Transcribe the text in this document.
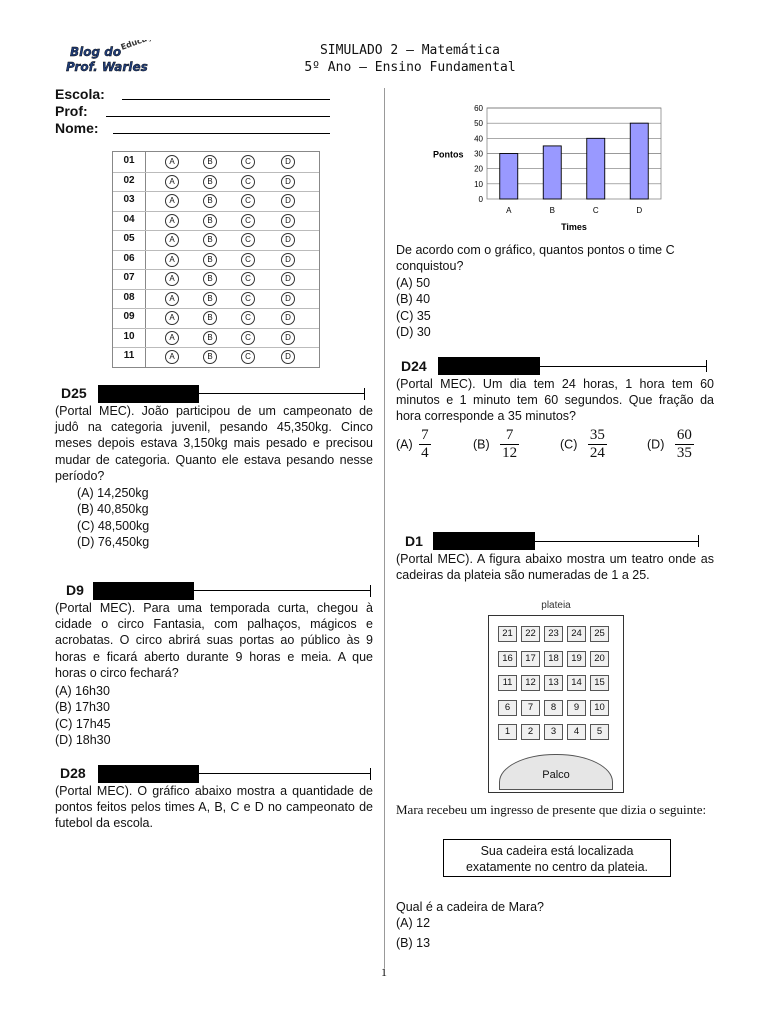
Blog do
Prof. Warles
Educação	SIMULADO 2 – Matemática
5º Ano – Ensino Fundamental
Escola:
Prof:
Nome:
01	A	B	C	D
02	A	B	C	D
03	A	B	C	D
04	A	B	C	D
05	A	B	C	D
06	A	B	C	D
07	A	B	C	D
08	A	B	C	D
09	A	B	C	D
10	A	B	C	D
11	A	B	C	D
D25
(Portal MEC). João participou de um campeonato de judô na categoria juvenil, pesando 45,350kg. Cinco meses depois estava 3,150kg mais pesado e precisou mudar de categoria. Quanto ele estava pesando nesse período?
(A) 14,250kg
(B) 40,850kg
(C) 48,500kg
(D) 76,450kg
D9
(Portal MEC). Para uma temporada curta, chegou à cidade o circo Fantasia, com palhaços, mágicos e acrobatas. O circo abrirá suas portas ao público às 9 horas e ficará aberto durante 9 horas e meia. A que horas o circo fechará?
(A) 16h30
(B) 17h30
(C) 17h45
(D) 18h30
D28
(Portal MEC). O gráfico abaixo mostra a quantidade de pontos feitos pelos times A, B, C e D no campeonato de futebol da escola.
0
10
20
30
40
50
60
A	B	C	D
Times
Pontos
De acordo com o gráfico, quantos pontos o time C conquistou?
(A) 50
(B) 40
(C) 35
(D) 30
D24
(Portal MEC). Um dia tem 24 horas, 1 hora tem 60 minutos e 1 minuto tem 60 segundos. Que fração da hora corresponde a 35 minutos?
$(A) \frac{7}{4}$	$(B) \frac{7}{12}$	$(C) \frac{35}{24}$	$(D) \frac{60}{35}$
D1
(Portal MEC). A figura abaixo mostra um teatro onde as cadeiras da plateia são numeradas de 1 a 25.
plateia
Palco
21	22	23	24	25
16	17	18	19	20
11	12	13	14	15
6	7	8	9	10
1	2	3	4	5
Mara recebeu um ingresso de presente que dizia o seguinte:
Sua cadeira está localizada
exatamente no centro da plateia.
Qual é a cadeira de Mara?
(A) 12
(B) 13
1
